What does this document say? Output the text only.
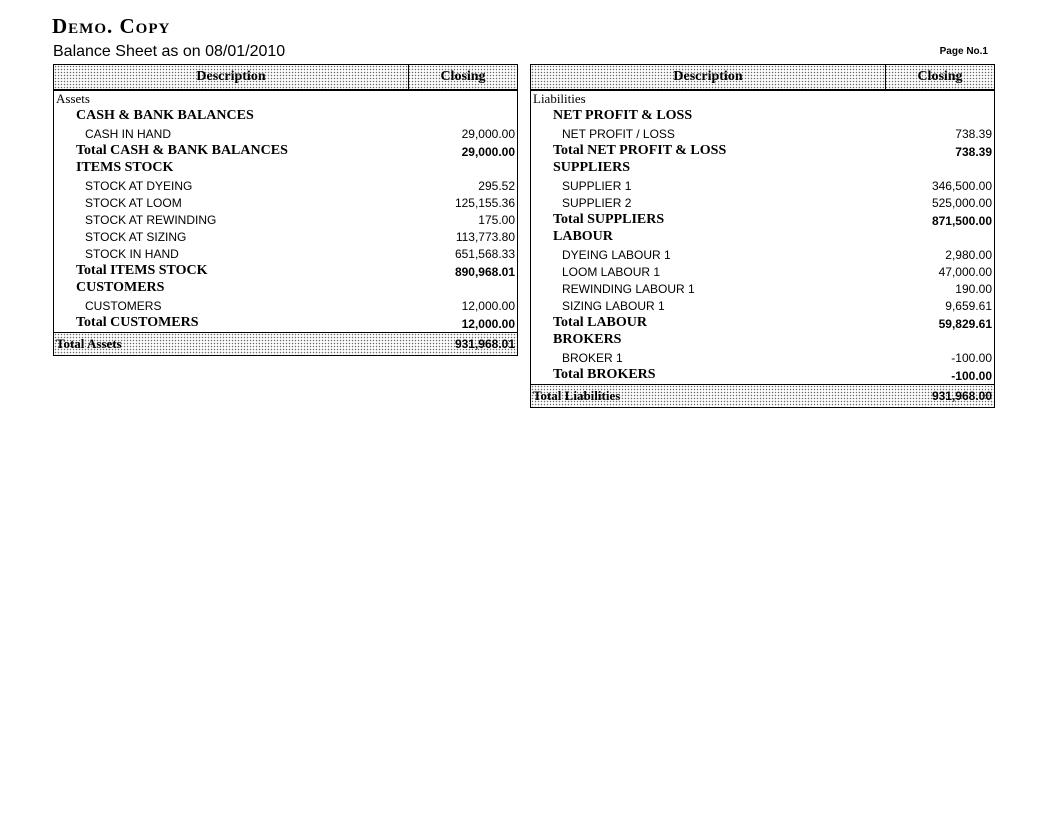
Demo. Copy
Balance Sheet as on 08/01/2010	Page No.1
Description	Closing
Assets
CASH & BANK BALANCES
CASH IN HAND	29,000.00
Total CASH & BANK BALANCES	29,000.00
ITEMS STOCK
STOCK AT DYEING	295.52
STOCK AT LOOM	125,155.36
STOCK AT REWINDING	175.00
STOCK AT SIZING	113,773.80
STOCK IN HAND	651,568.33
Total ITEMS STOCK	890,968.01
CUSTOMERS
CUSTOMERS	12,000.00
Total CUSTOMERS	12,000.00
Total Assets	931,968.01
Description	Closing
Liabilities
NET PROFIT & LOSS
NET PROFIT / LOSS	738.39
Total NET PROFIT & LOSS	738.39
SUPPLIERS
SUPPLIER 1	346,500.00
SUPPLIER 2	525,000.00
Total SUPPLIERS	871,500.00
LABOUR
DYEING LABOUR 1	2,980.00
LOOM LABOUR 1	47,000.00
REWINDING LABOUR 1	190.00
SIZING LABOUR 1	9,659.61
Total LABOUR	59,829.61
BROKERS
BROKER 1	-100.00
Total BROKERS	-100.00
Total Liabilities	931,968.00
